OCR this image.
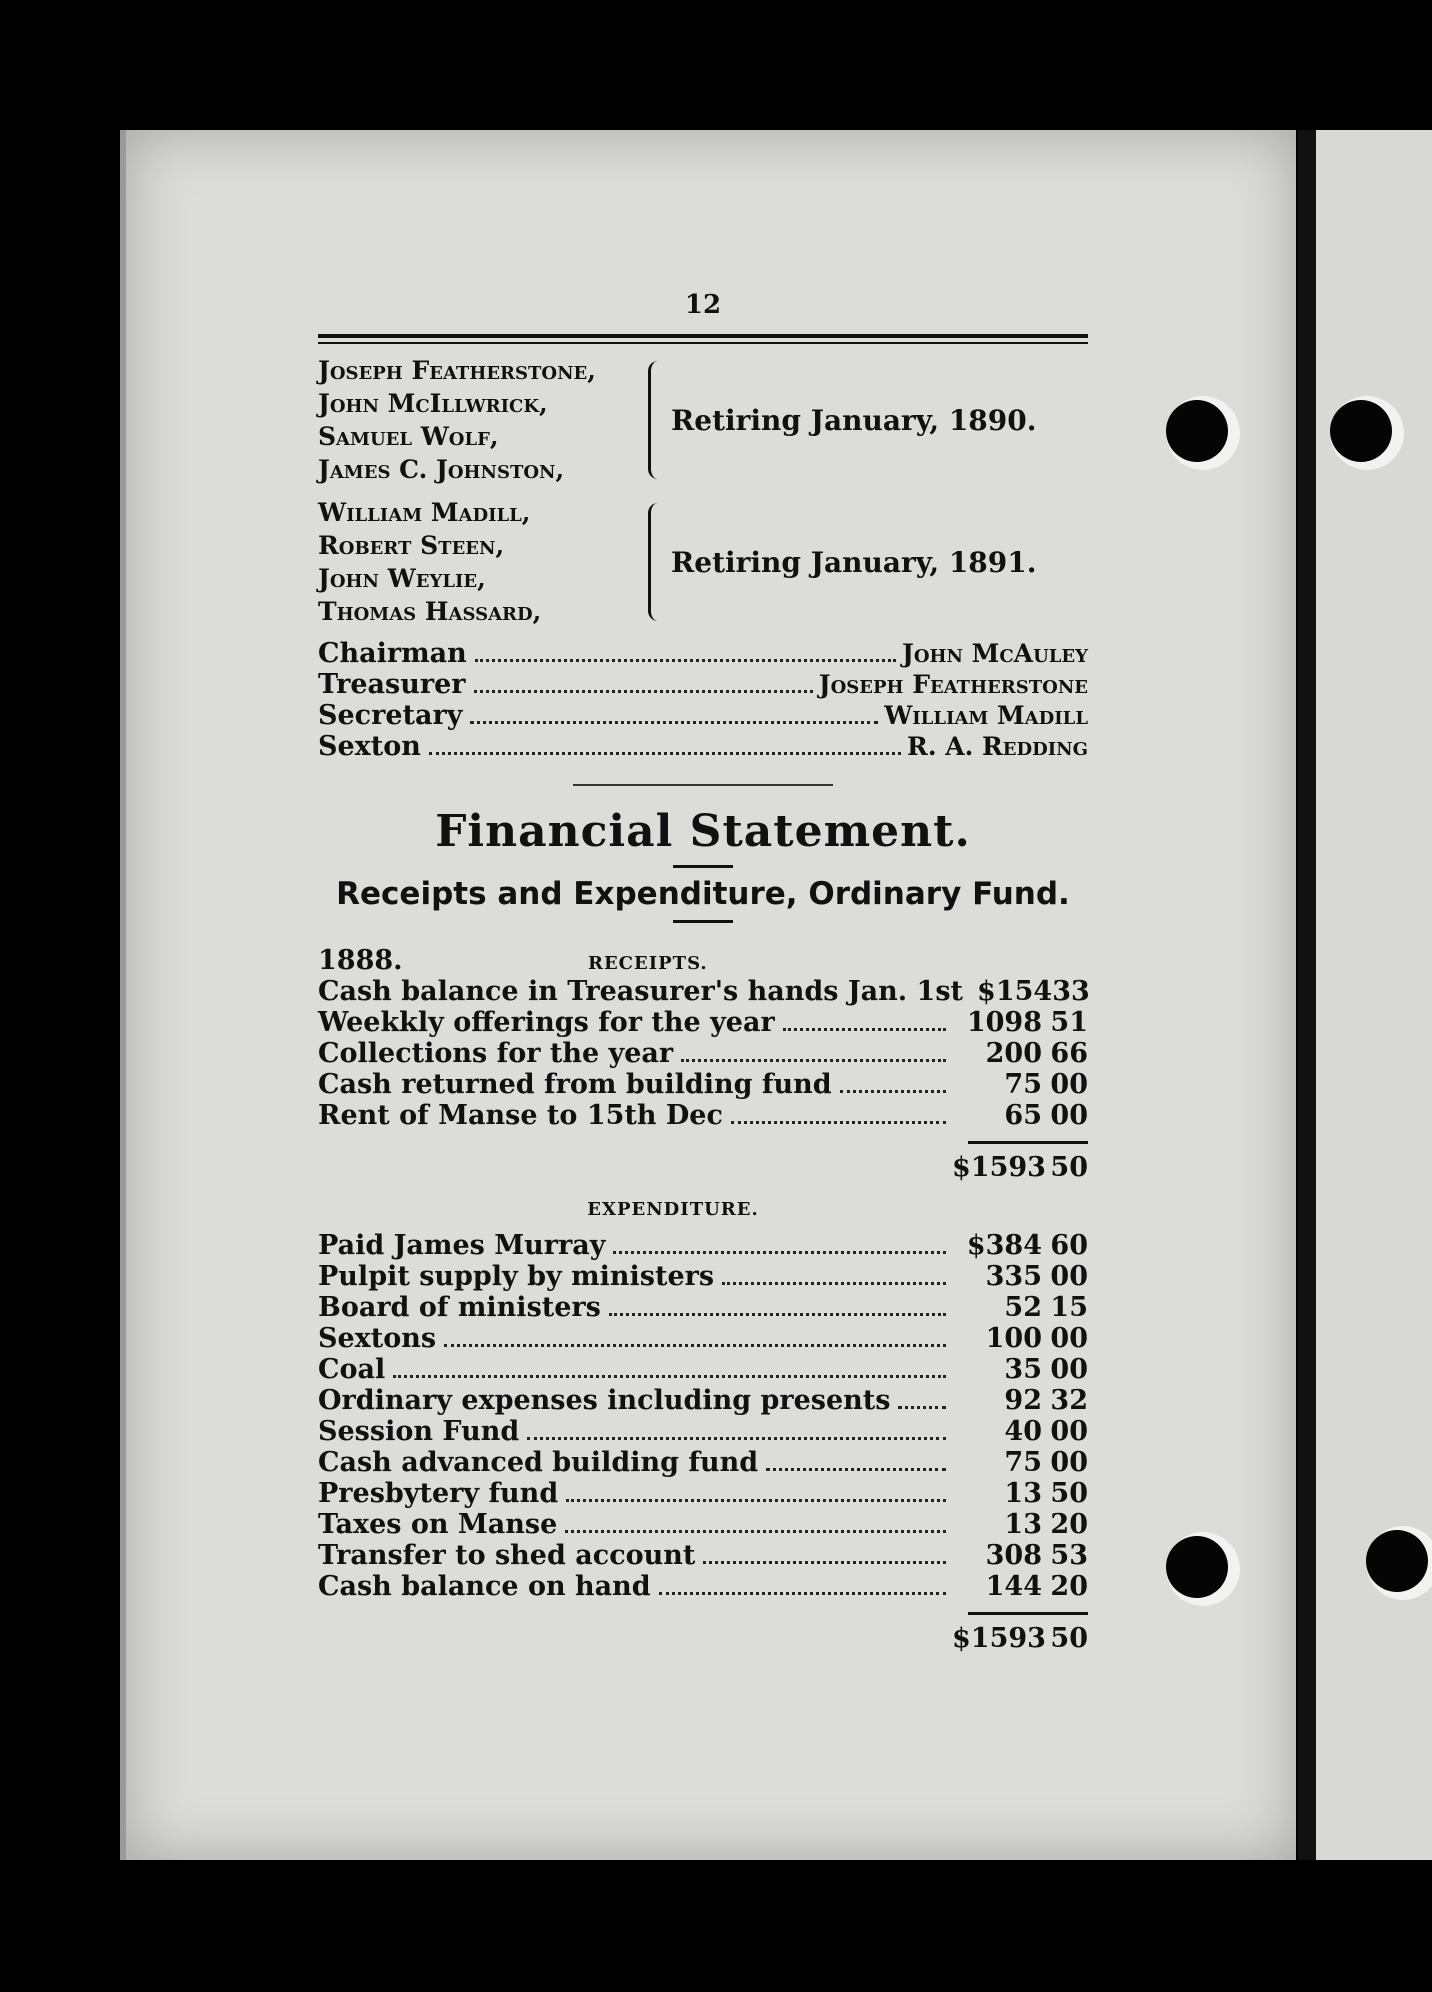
12
Joseph Featherstone,
John McIllwrick,
Samuel Wolf,
James C. Johnston,
Retiring January, 1890.
William Madill,
Robert Steen,
John Weylie,
Thomas Hassard,
Retiring January, 1891.
Chairman	John McAuley
Treasurer	Joseph Featherstone
Secretary	William Madill
Sexton	R. A. Redding
Financial Statement.
Receipts and Expenditure, Ordinary Fund.
1888.	RECEIPTS.
Cash balance in Treasurer's hands Jan. 1st $154 33
Weekkly offerings for the year	1098 51
Collections for the year	200 66
Cash returned from building fund	75 00
Rent of Manse to 15th Dec	65 00
$1593 50
EXPENDITURE.
Paid James Murray	$384 60
Pulpit supply by ministers	335 00
Board of ministers	52 15
Sextons	100 00
Coal	35 00
Ordinary expenses including presents	92 32
Session Fund	40 00
Cash advanced building fund	75 00
Presbytery fund	13 50
Taxes on Manse	13 20
Transfer to shed account	308 53
Cash balance on hand	144 20
$1593 50
